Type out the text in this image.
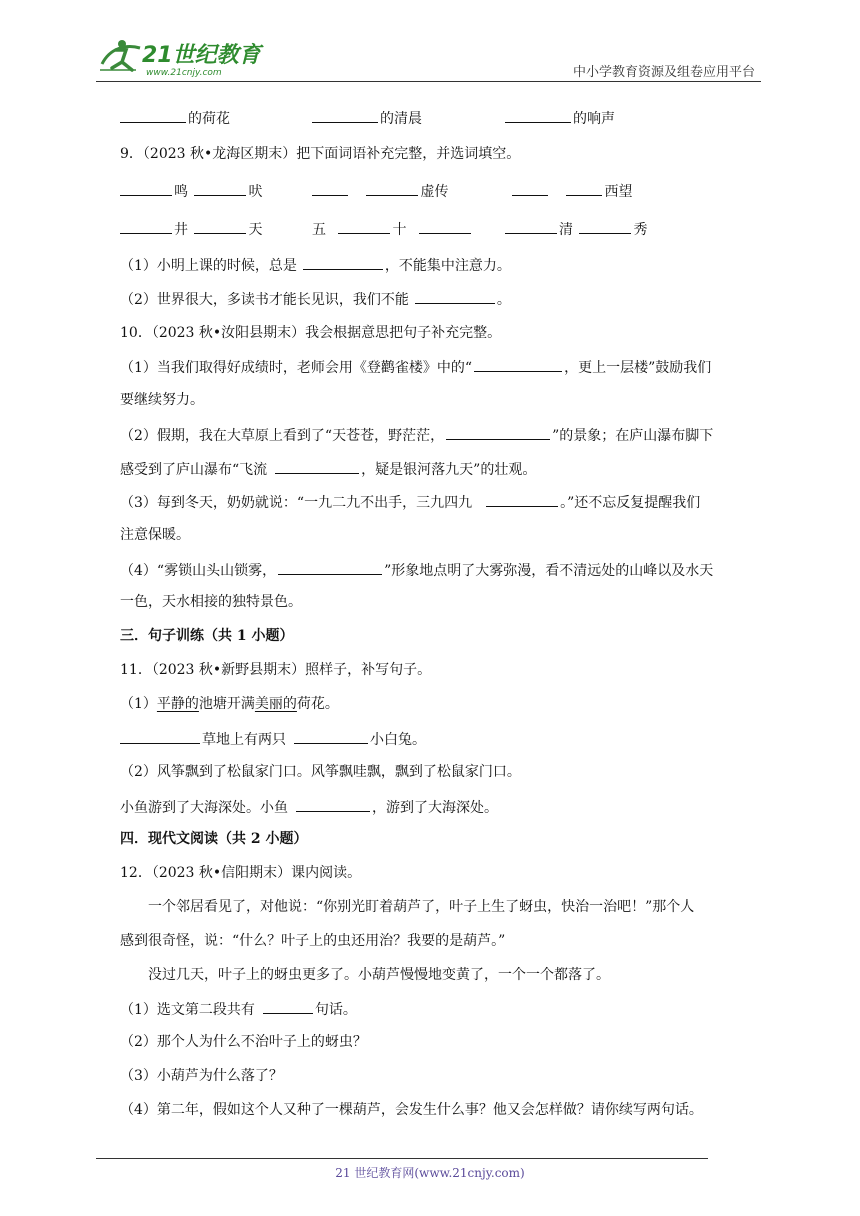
21世纪教育
www.21cnjy.com	中小学教育资源及组卷应用平台
的荷花	的清晨	的响声
9．（2023 秋•龙海区期末）把下面词语补充完整，并选词填空。
鸣	吠	虚传	西望
井	天	五	十	清	秀
（1）小明上课的时候，总是	，不能集中注意力。
（2）世界很大，多读书才能长见识，我们不能	。
10．（2023 秋•汝阳县期末）我会根据意思把句子补充完整。
（1）当我们取得好成绩时，老师会用《登鹳雀楼》中的“	，更上一层楼”鼓励我们
要继续努力。
（2）假期，我在大草原上看到了“天苍苍，野茫茫，	”的景象；在庐山瀑布脚下
感受到了庐山瀑布“飞流	，疑是银河落九天”的壮观。
（3）每到冬天，奶奶就说：“一九二九不出手，三九四九	。”还不忘反复提醒我们
注意保暖。
（4）“雾锁山头山锁雾，	”形象地点明了大雾弥漫，看不清远处的山峰以及水天
一色，天水相接的独特景色。
三．句子训练（共 1 小题）
11．（2023 秋•新野县期末）照样子，补写句子。
（1）平静的池塘开满美丽的荷花。
草地上有两只	小白兔。
（2）风筝飘到了松鼠家门口。风筝飘哇飘，飘到了松鼠家门口。
小鱼游到了大海深处。小鱼	，游到了大海深处。
四．现代文阅读（共 2 小题）
12．（2023 秋•信阳期末）课内阅读。
一个邻居看见了，对他说：“你别光盯着葫芦了，叶子上生了蚜虫，快治一治吧！”那个人
感到很奇怪，说：“什么？叶子上的虫还用治？我要的是葫芦。”
没过几天，叶子上的蚜虫更多了。小葫芦慢慢地变黄了，一个一个都落了。
（1）选文第二段共有	句话。
（2）那个人为什么不治叶子上的蚜虫？
（3）小葫芦为什么落了？
（4）第二年，假如这个人又种了一棵葫芦，会发生什么事？他又会怎样做？请你续写两句话。
21 世纪教育网(www.21cnjy.com)
